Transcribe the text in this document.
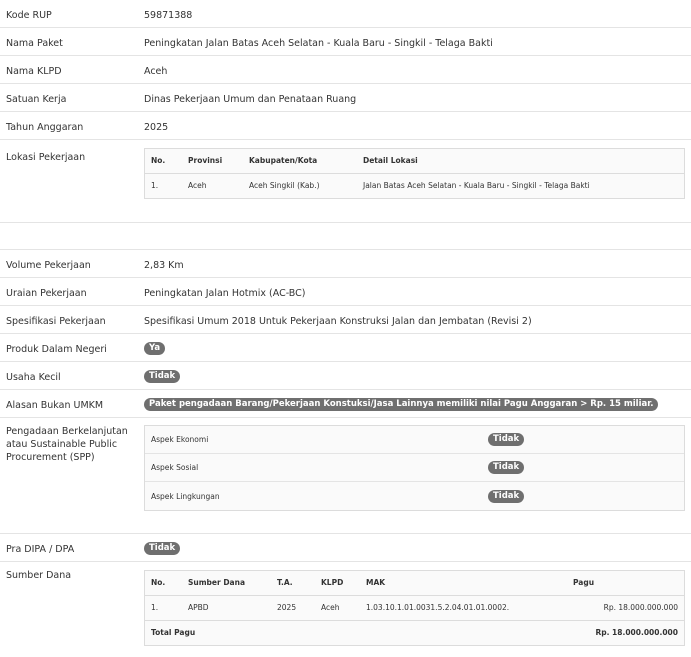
Kode RUP	59871388
Nama Paket	Peningkatan Jalan Batas Aceh Selatan - Kuala Baru - Singkil - Telaga Bakti
Nama KLPD	Aceh
Satuan Kerja	Dinas Pekerjaan Umum dan Penataan Ruang
Tahun Anggaran	2025
Lokasi Pekerjaan	No.	Provinsi	Kabupaten/Kota	Detail Lokasi
1.	Aceh	Aceh Singkil (Kab.)	Jalan Batas Aceh Selatan - Kuala Baru - Singkil - Telaga Bakti
Volume Pekerjaan	2,83 Km
Uraian Pekerjaan	Peningkatan Jalan Hotmix (AC-BC)
Spesifikasi Pekerjaan	Spesifikasi Umum 2018 Untuk Pekerjaan Konstruksi Jalan dan Jembatan (Revisi 2)
Produk Dalam Negeri	Ya
Usaha Kecil	Tidak
Alasan Bukan UMKM	Paket pengadaan Barang/Pekerjaan Konstuksi/Jasa Lainnya memiliki nilai Pagu Anggaran > Rp. 15 miliar.
Pengadaan Berkelanjutan atau Sustainable Public Procurement (SPP)
Aspek Ekonomi	Tidak
Aspek Sosial	Tidak
Aspek Lingkungan	Tidak
Pra DIPA / DPA	Tidak
Sumber Dana
No.	Sumber Dana	T.A.	KLPD	MAK	Pagu
1.	APBD	2025	Aceh	1.03.10.1.01.0031.5.2.04.01.01.0002.	Rp. 18.000.000.000
Total Pagu					Rp. 18.000.000.000
